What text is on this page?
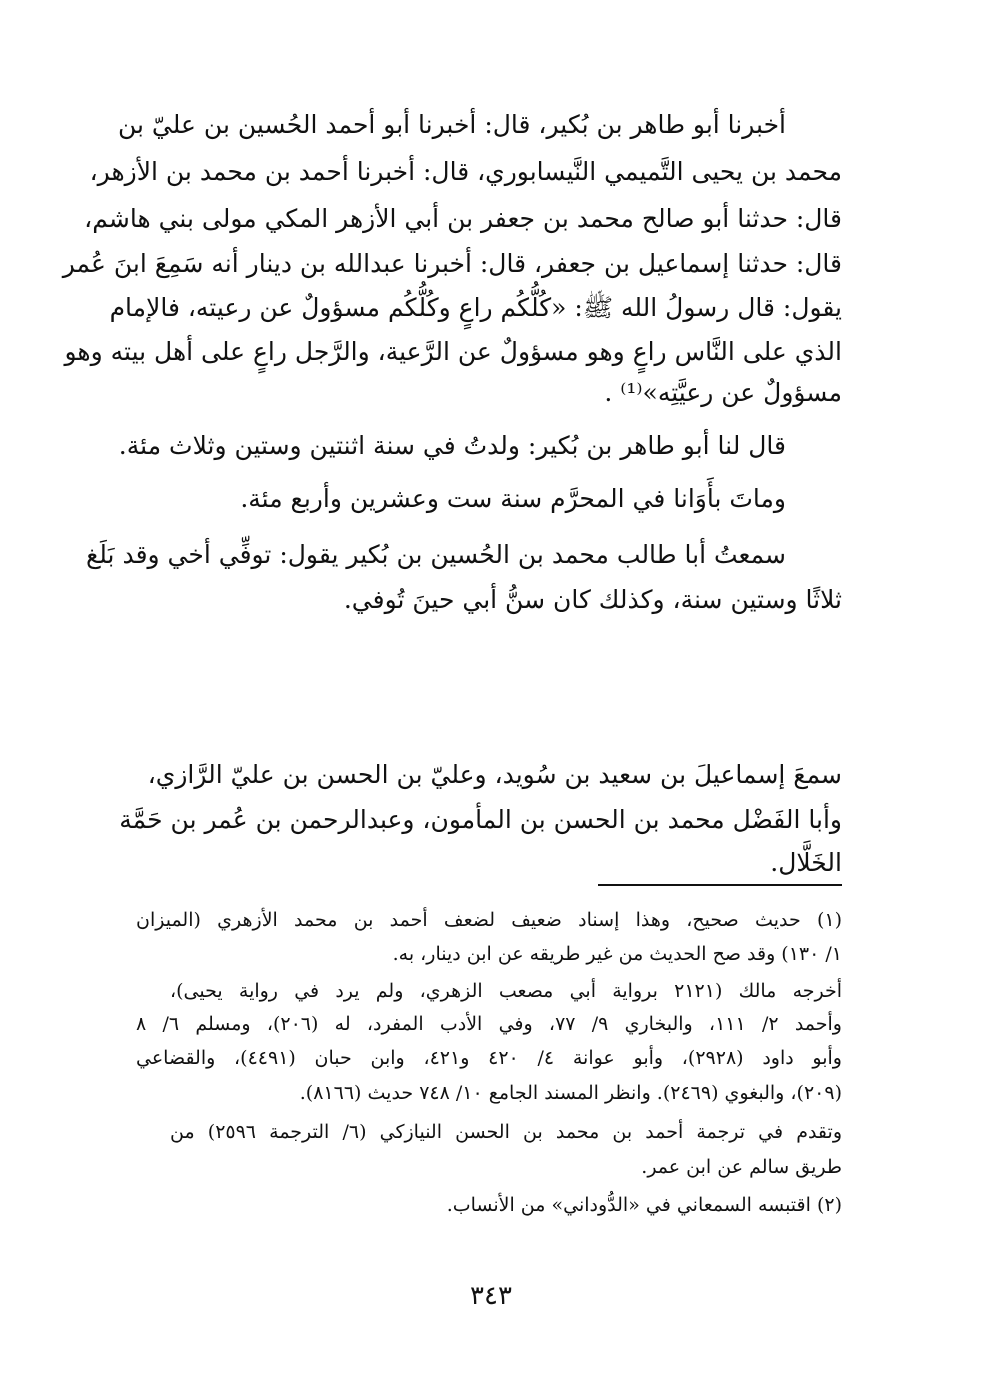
أخبرنا أبو طاهر بن بُكير، قال: أخبرنا أبو أحمد الحُسين بن عليّ بن
محمد بن يحيى التَّميمي النَّيسابوري، قال: أخبرنا أحمد بن محمد بن الأزهر،
قال: حدثنا أبو صالح محمد بن جعفر بن أبي الأزهر المكي مولى بني هاشم،
قال: حدثنا إسماعيل بن جعفر، قال: أخبرنا عبدالله بن دينار أنه سَمِعَ ابنَ عُمر
يقول: قال رسولُ الله ﷺ: «كُلُّكُم راعٍ وكُلُّكُم مسؤولٌ عن رعيته، فالإمام
الذي على النَّاس راعٍ وهو مسؤولٌ عن الرَّعية، والرَّجل راعٍ على أهل بيته وهو
مسؤولٌ عن رعيَّتِه»⁽¹⁾ .
قال لنا أبو طاهر بن بُكير: ولدتُ في سنة اثنتين وستين وثلاث مئة.
وماتَ بأَوَانا في المحرَّم سنة ست وعشرين وأربع مئة.
سمعتُ أبا طالب محمد بن الحُسين بن بُكير يقول: توفِّي أخي وقد بَلَغ
ثلاثًا وستين سنة، وكذلك كان سنُّ أبي حينَ تُوفي.
سمعَ إسماعيلَ بن سعيد بن سُويد، وعليّ بن الحسن بن عليّ الرَّازي،
وأبا الفَضْل محمد بن الحسن بن المأمون، وعبدالرحمن بن عُمر بن حَمَّة
الخَلَّال.
(١) حديث صحيح، وهذا إسناد ضعيف لضعف أحمد بن محمد الأزهري (الميزان
١/ ١٣٠) وقد صح الحديث من غير طريقه عن ابن دينار، به.
أخرجه مالك (٢١٢١ برواية أبي مصعب الزهري، ولم يرد في رواية يحيى)،
وأحمد ٢/ ١١١، والبخاري ٩/ ٧٧، وفي الأدب المفرد، له (٢٠٦)، ومسلم ٦/ ٨
وأبو داود (٢٩٢٨)، وأبو عوانة ٤/ ٤٢٠ و٤٢١، وابن حبان (٤٤٩١)، والقضاعي
(٢٠٩)، والبغوي (٢٤٦٩). وانظر المسند الجامع ١٠/ ٧٤٨ حديث (٨١٦٦).
وتقدم في ترجمة أحمد بن محمد بن الحسن النيازكي (٦/ الترجمة ٢٥٩٦) من
طريق سالم عن ابن عمر.
(٢) اقتبسه السمعاني في «الدُّوداني» من الأنساب.
٣٤٣
